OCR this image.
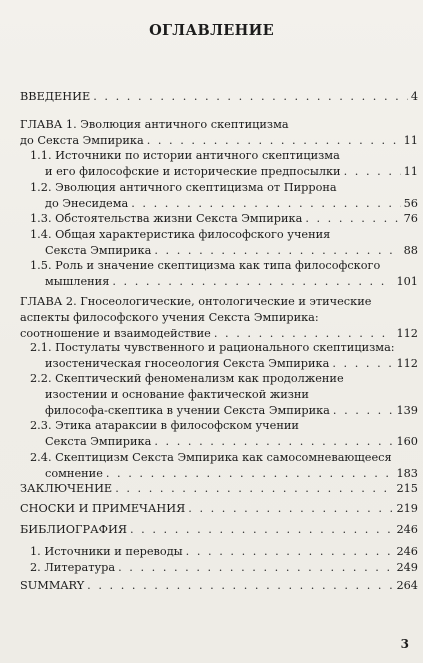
ОГЛАВЛЕНИЕ
ВВЕДЕНИЕ . . .	4
ГЛАВА 1. Эволюция античного скептицизма
до Секста Эмпирика . . .	11
1.1. Источники по истории античного скептицизма
и его философские и исторические предпосылки . . .	11
1.2. Эволюция античного скептицизма от Пиррона
до Энесидема . . .	56
1.3. Обстоятельства жизни Секста Эмпирика . . .	76
1.4. Общая характеристика философского учения
Секста Эмпирика . . .	88
1.5. Роль и значение скептицизма как типа философского
мышления . . .	101
ГЛАВА 2. Гносеологические, онтологические и этические
аспекты философского учения Секста Эмпирика:
соотношение и взаимодействие . . .	112
2.1. Постулаты чувственного и рационального скептицизма:
изостеническая гносеология Секста Эмпирика . . .	112
2.2. Скептический феноменализм как продолжение
изостении и основание фактической жизни
философа-скептика в учении Секста Эмпирика . . .	139
2.3. Этика атараксии в философском учении
Секста Эмпирика . . .	160
2.4. Скептицизм Секста Эмпирика как самосомневающееся
сомнение . . .	183
ЗАКЛЮЧЕНИЕ . . .	215
СНОСКИ И ПРИМЕЧАНИЯ . . .	219
БИБЛИОГРАФИЯ . . .	246
1. Источники и переводы . . .	246
2. Литература . . .	249
SUMMARY . . .	264
3
